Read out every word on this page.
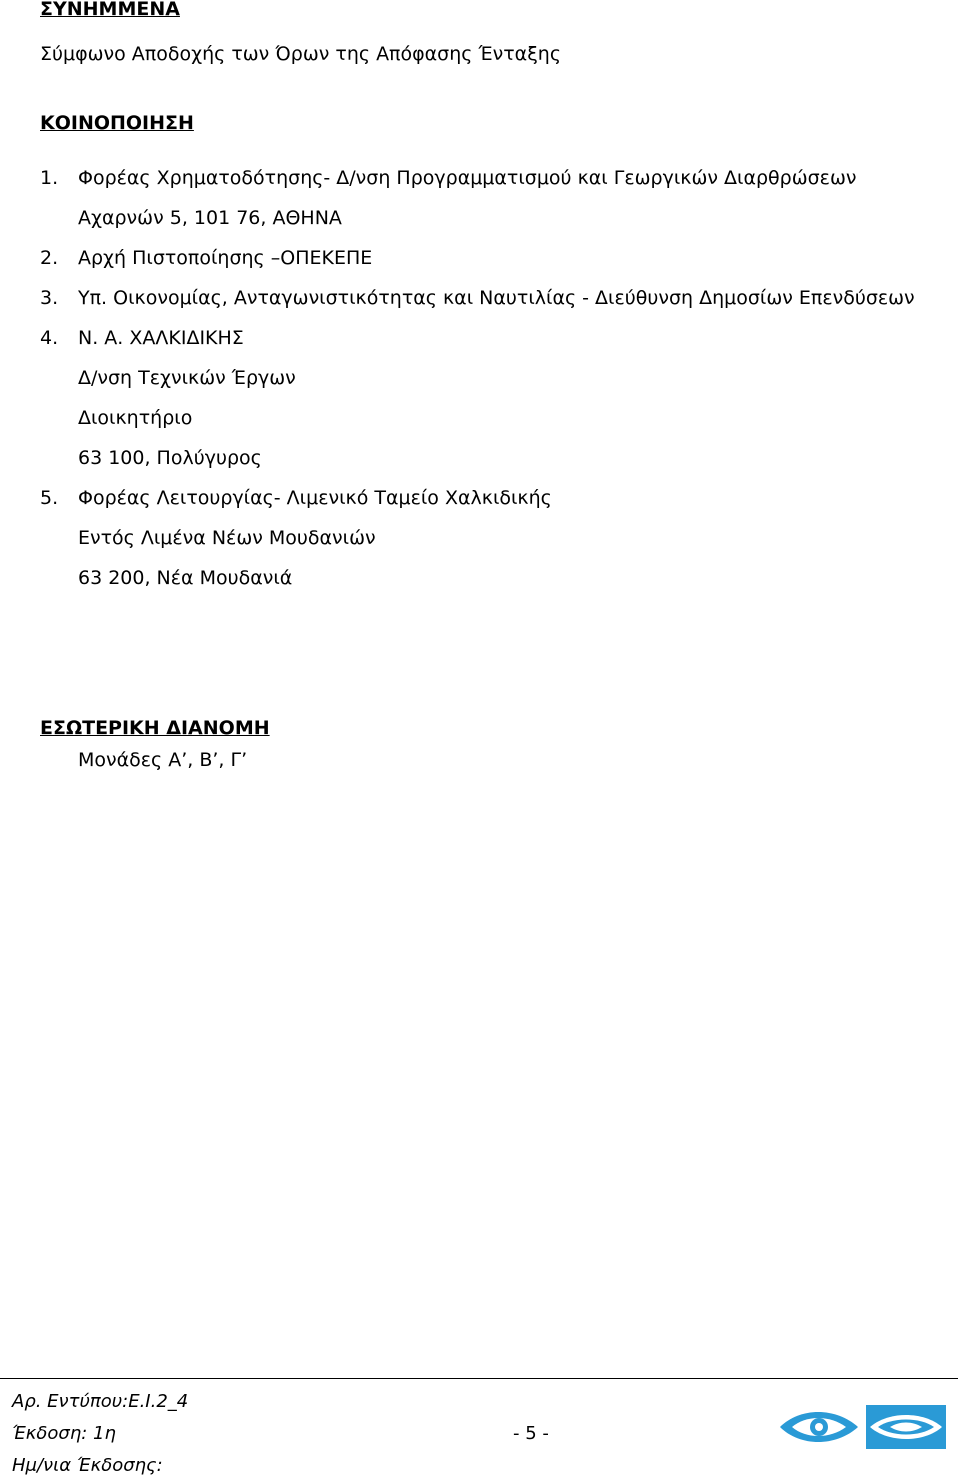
ΣΥΝΗΜΜΕΝΑ
Σύμφωνο Αποδοχής των Όρων της Απόφασης Ένταξης
ΚΟΙΝΟΠΟΙΗΣΗ
1. Φορέας Χρηματοδότησης- Δ/νση Προγραμματισμού και Γεωργικών Διαρθρώσεων
Αχαρνών 5, 101 76, ΑΘΗΝΑ
2. Αρχή Πιστοποίησης –ΟΠΕΚΕΠΕ
3. Υπ. Οικονομίας, Ανταγωνιστικότητας και Ναυτιλίας - Διεύθυνση Δημοσίων Επενδύσεων
4. Ν. Α. ΧΑΛΚΙΔΙΚΗΣ
Δ/νση Τεχνικών Έργων
Διοικητήριο
63 100, Πολύγυρος
5. Φορέας Λειτουργίας- Λιμενικό Ταμείο Χαλκιδικής
Εντός Λιμένα Νέων Μουδανιών
63 200, Νέα Μουδανιά
ΕΣΩΤΕΡΙΚΗ ΔΙΑΝΟΜΗ
Μονάδες Α’, Β’, Γ’
Αρ. Εντύπου:Ε.Ι.2_4
Έκδοση: 1η
Ημ/νια Έκδοσης:
- 5 -
